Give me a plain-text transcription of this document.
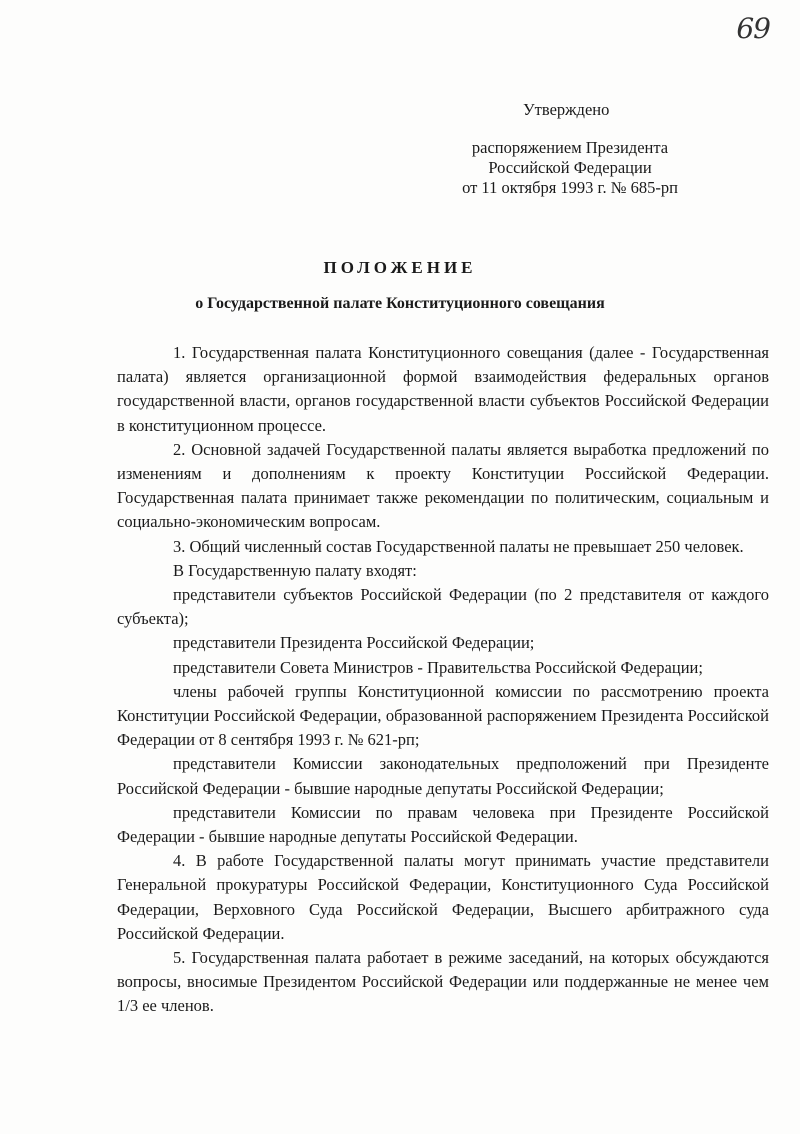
69
Утверждено
распоряжением Президента
Российской Федерации
от 11 октября 1993 г. № 685-рп
ПОЛОЖЕНИЕ
о Государственной палате Конституционного совещания

1. Государственная палата Конституционного совещания (далее - Государственная палата) является организационной формой взаимодействия федеральных органов государственной власти, органов государственной власти субъектов Российской Федерации в конституционном процессе.

2. Основной задачей Государственной палаты является выработка предложений по изменениям и дополнениям к проекту Конституции Российской Федерации. Государственная палата принимает также рекомендации по политическим, социальным и социально-экономическим вопросам.

3. Общий численный состав Государственной палаты не превышает 250 человек.

В Государственную палату входят:

представители субъектов Российской Федерации (по 2 представителя от каждого субъекта);

представители Президента Российской Федерации;

представители Совета Министров - Правительства Российской Федерации;

члены рабочей группы Конституционной комиссии по рассмотрению проекта Конституции Российской Федерации, образованной распоряжением Президента Российской Федерации от 8 сентября 1993 г. № 621-рп;

представители Комиссии законодательных предположений при Президенте Российской Федерации - бывшие народные депутаты Российской Федерации;

представители Комиссии по правам человека при Президенте Российской Федерации - бывшие народные депутаты Российской Федерации.

4. В работе Государственной палаты могут принимать участие представители Генеральной прокуратуры Российской Федерации, Конституционного Суда Российской Федерации, Верховного Суда Российской Федерации, Высшего арбитражного суда Российской Федерации.

5. Государственная палата работает в режиме заседаний, на которых обсуждаются вопросы, вносимые Президентом Российской Федерации или поддержанные не менее чем 1/3 ее членов.
